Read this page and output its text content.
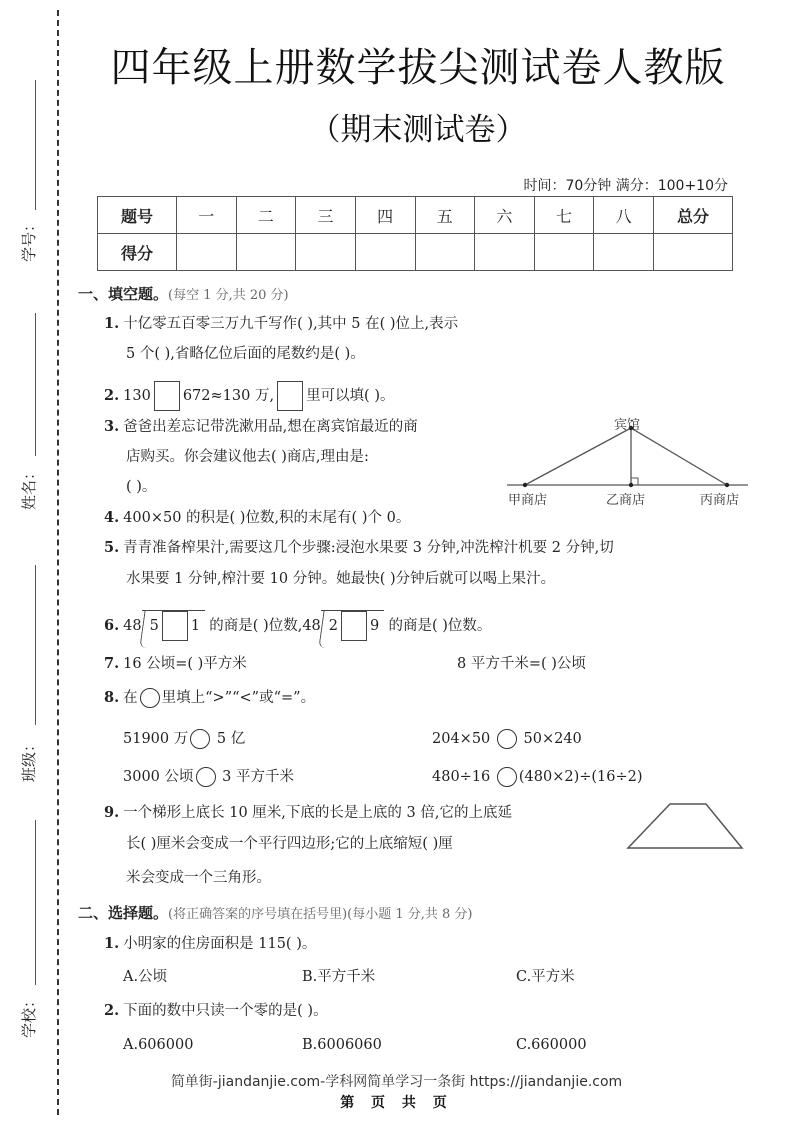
学号：
姓名：
班级：
学校：
四年级上册数学拔尖测试卷人教版
（期末测试卷）
时间：70分钟 满分：100+10分
题号	一	二	三	四	五	六	七	八	总分
得分									
一、填空题。(每空 1 分,共 20 分)
1. 十亿零五百零三万九千写作( ),其中 5 在( )位上,表示
5 个( ),省略亿位后面的尾数约是( )。
2. 130 672≈130 万, 里可以填( )。
3. 爸爸出差忘记带洗漱用品,想在离宾馆最近的商
店购买。你会建议他去( )商店,理由是:
( )。
宾馆
甲商店	乙商店	丙商店
4. 400×50 的积是( )位数,积的末尾有( )个 0。
5. 青青准备榨果汁,需要这几个步骤:浸泡水果要 3 分钟,冲洗榨汁机要 2 分钟,切
水果要 1 分钟,榨汁要 10 分钟。她最快( )分钟后就可以喝上果汁。
6. 48 5 1 的商是( )位数,48 2 9 的商是( )位数。
7. 16 公顷=( )平方米	8 平方千米=( )公顷
8. 在 里填上“>”“<”或“=”。
51900 万 5 亿	204×50 50×240
3000 公顷 3 平方千米	480÷16 (480×2)÷(16÷2)
9. 一个梯形上底长 10 厘米,下底的长是上底的 3 倍,它的上底延
长( )厘米会变成一个平行四边形;它的上底缩短( )厘
米会变成一个三角形。
二、选择题。(将正确答案的序号填在括号里)(每小题 1 分,共 8 分)
1. 小明家的住房面积是 115( )。
A.公顷	B.平方千米	C.平方米
2. 下面的数中只读一个零的是( )。
A.606000	B.6006060	C.660000
简单街-jiandanjie.com-学科网简单学习一条街 https://jiandanjie.com
第 页 共 页
